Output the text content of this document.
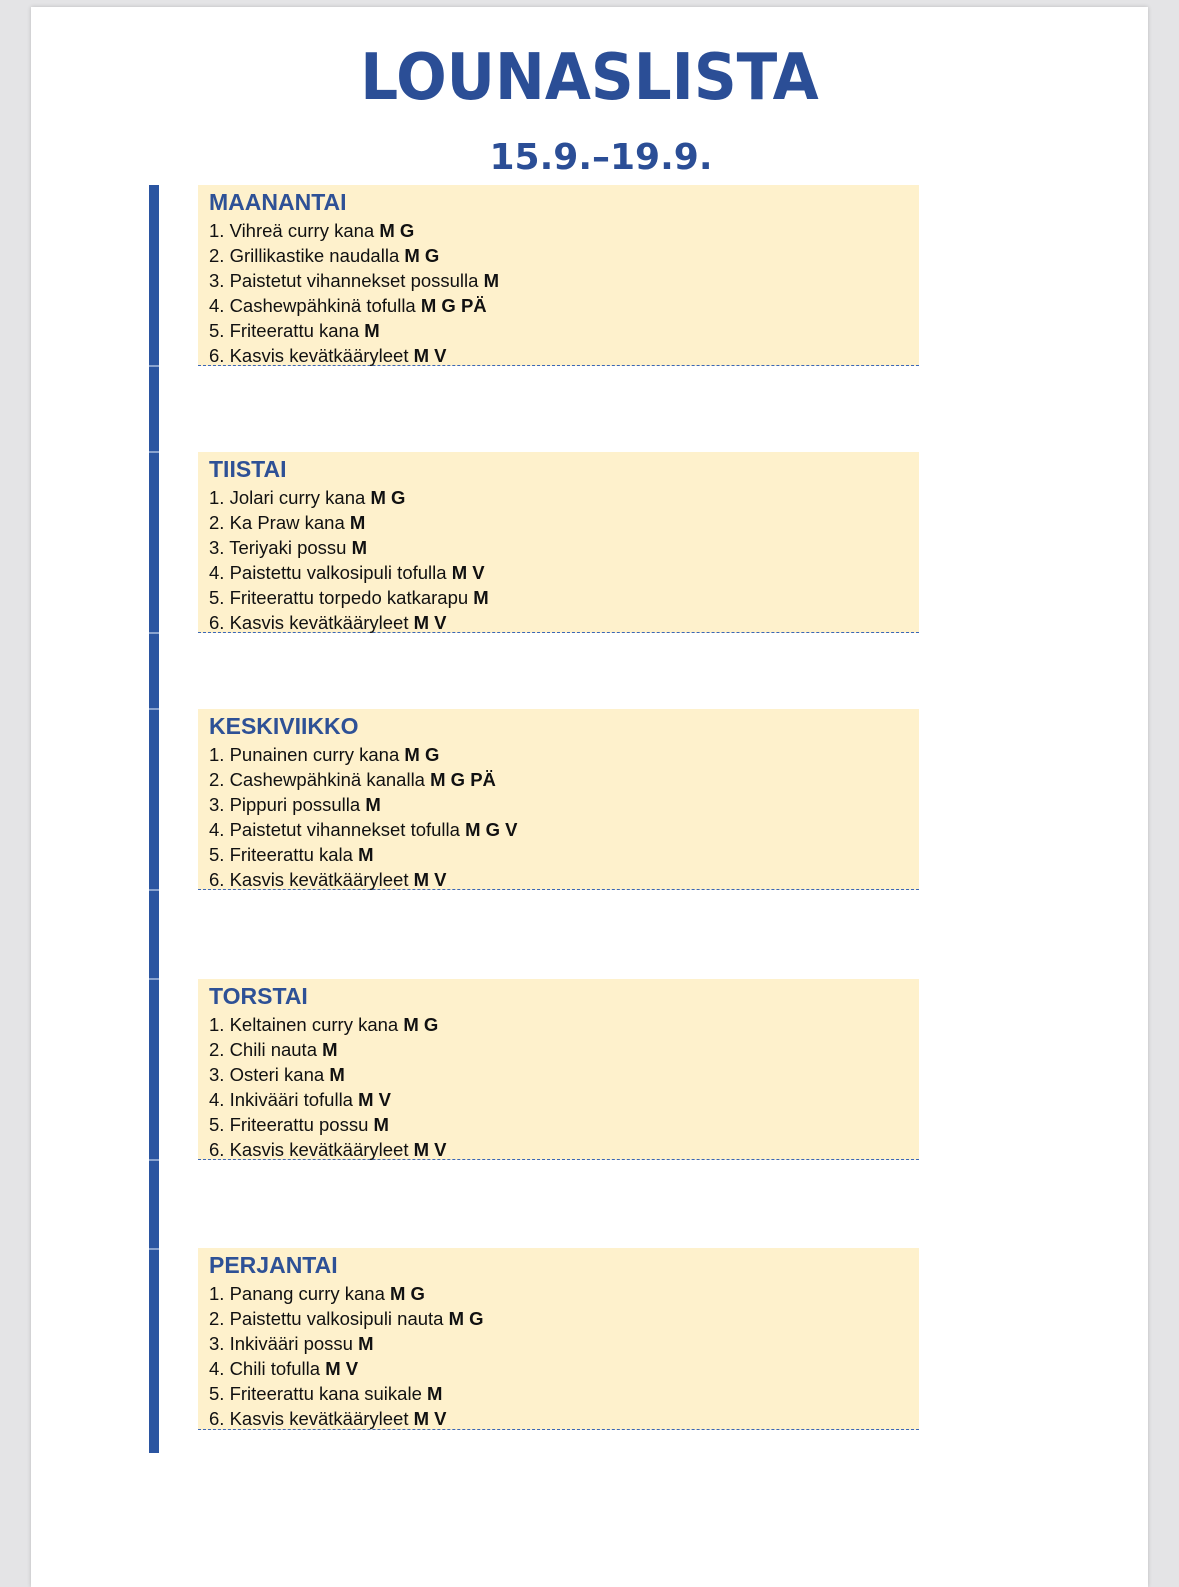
LOUNASLISTA
15.9.–19.9.
MAANANTAI
1. Vihreä curry kana M G
2. Grillikastike naudalla M G
3. Paistetut vihannekset possulla M
4. Cashewpähkinä tofulla M G PÄ
5. Friteerattu kana M
6. Kasvis kevätkääryleet M V
TIISTAI
1. Jolari curry kana M G
2. Ka Praw kana M
3. Teriyaki possu M
4. Paistettu valkosipuli tofulla M V
5. Friteerattu torpedo katkarapu M
6. Kasvis kevätkääryleet M V
KESKIVIIKKO
1. Punainen curry kana M G
2. Cashewpähkinä kanalla M G PÄ
3. Pippuri possulla M
4. Paistetut vihannekset tofulla M G V
5. Friteerattu kala M
6. Kasvis kevätkääryleet M V
TORSTAI
1. Keltainen curry kana M G
2. Chili nauta M
3. Osteri kana M
4. Inkivääri tofulla M V
5. Friteerattu possu M
6. Kasvis kevätkääryleet M V
PERJANTAI
1. Panang curry kana M G
2. Paistettu valkosipuli nauta M G
3. Inkivääri possu M
4. Chili tofulla M V
5. Friteerattu kana suikale M
6. Kasvis kevätkääryleet M V
